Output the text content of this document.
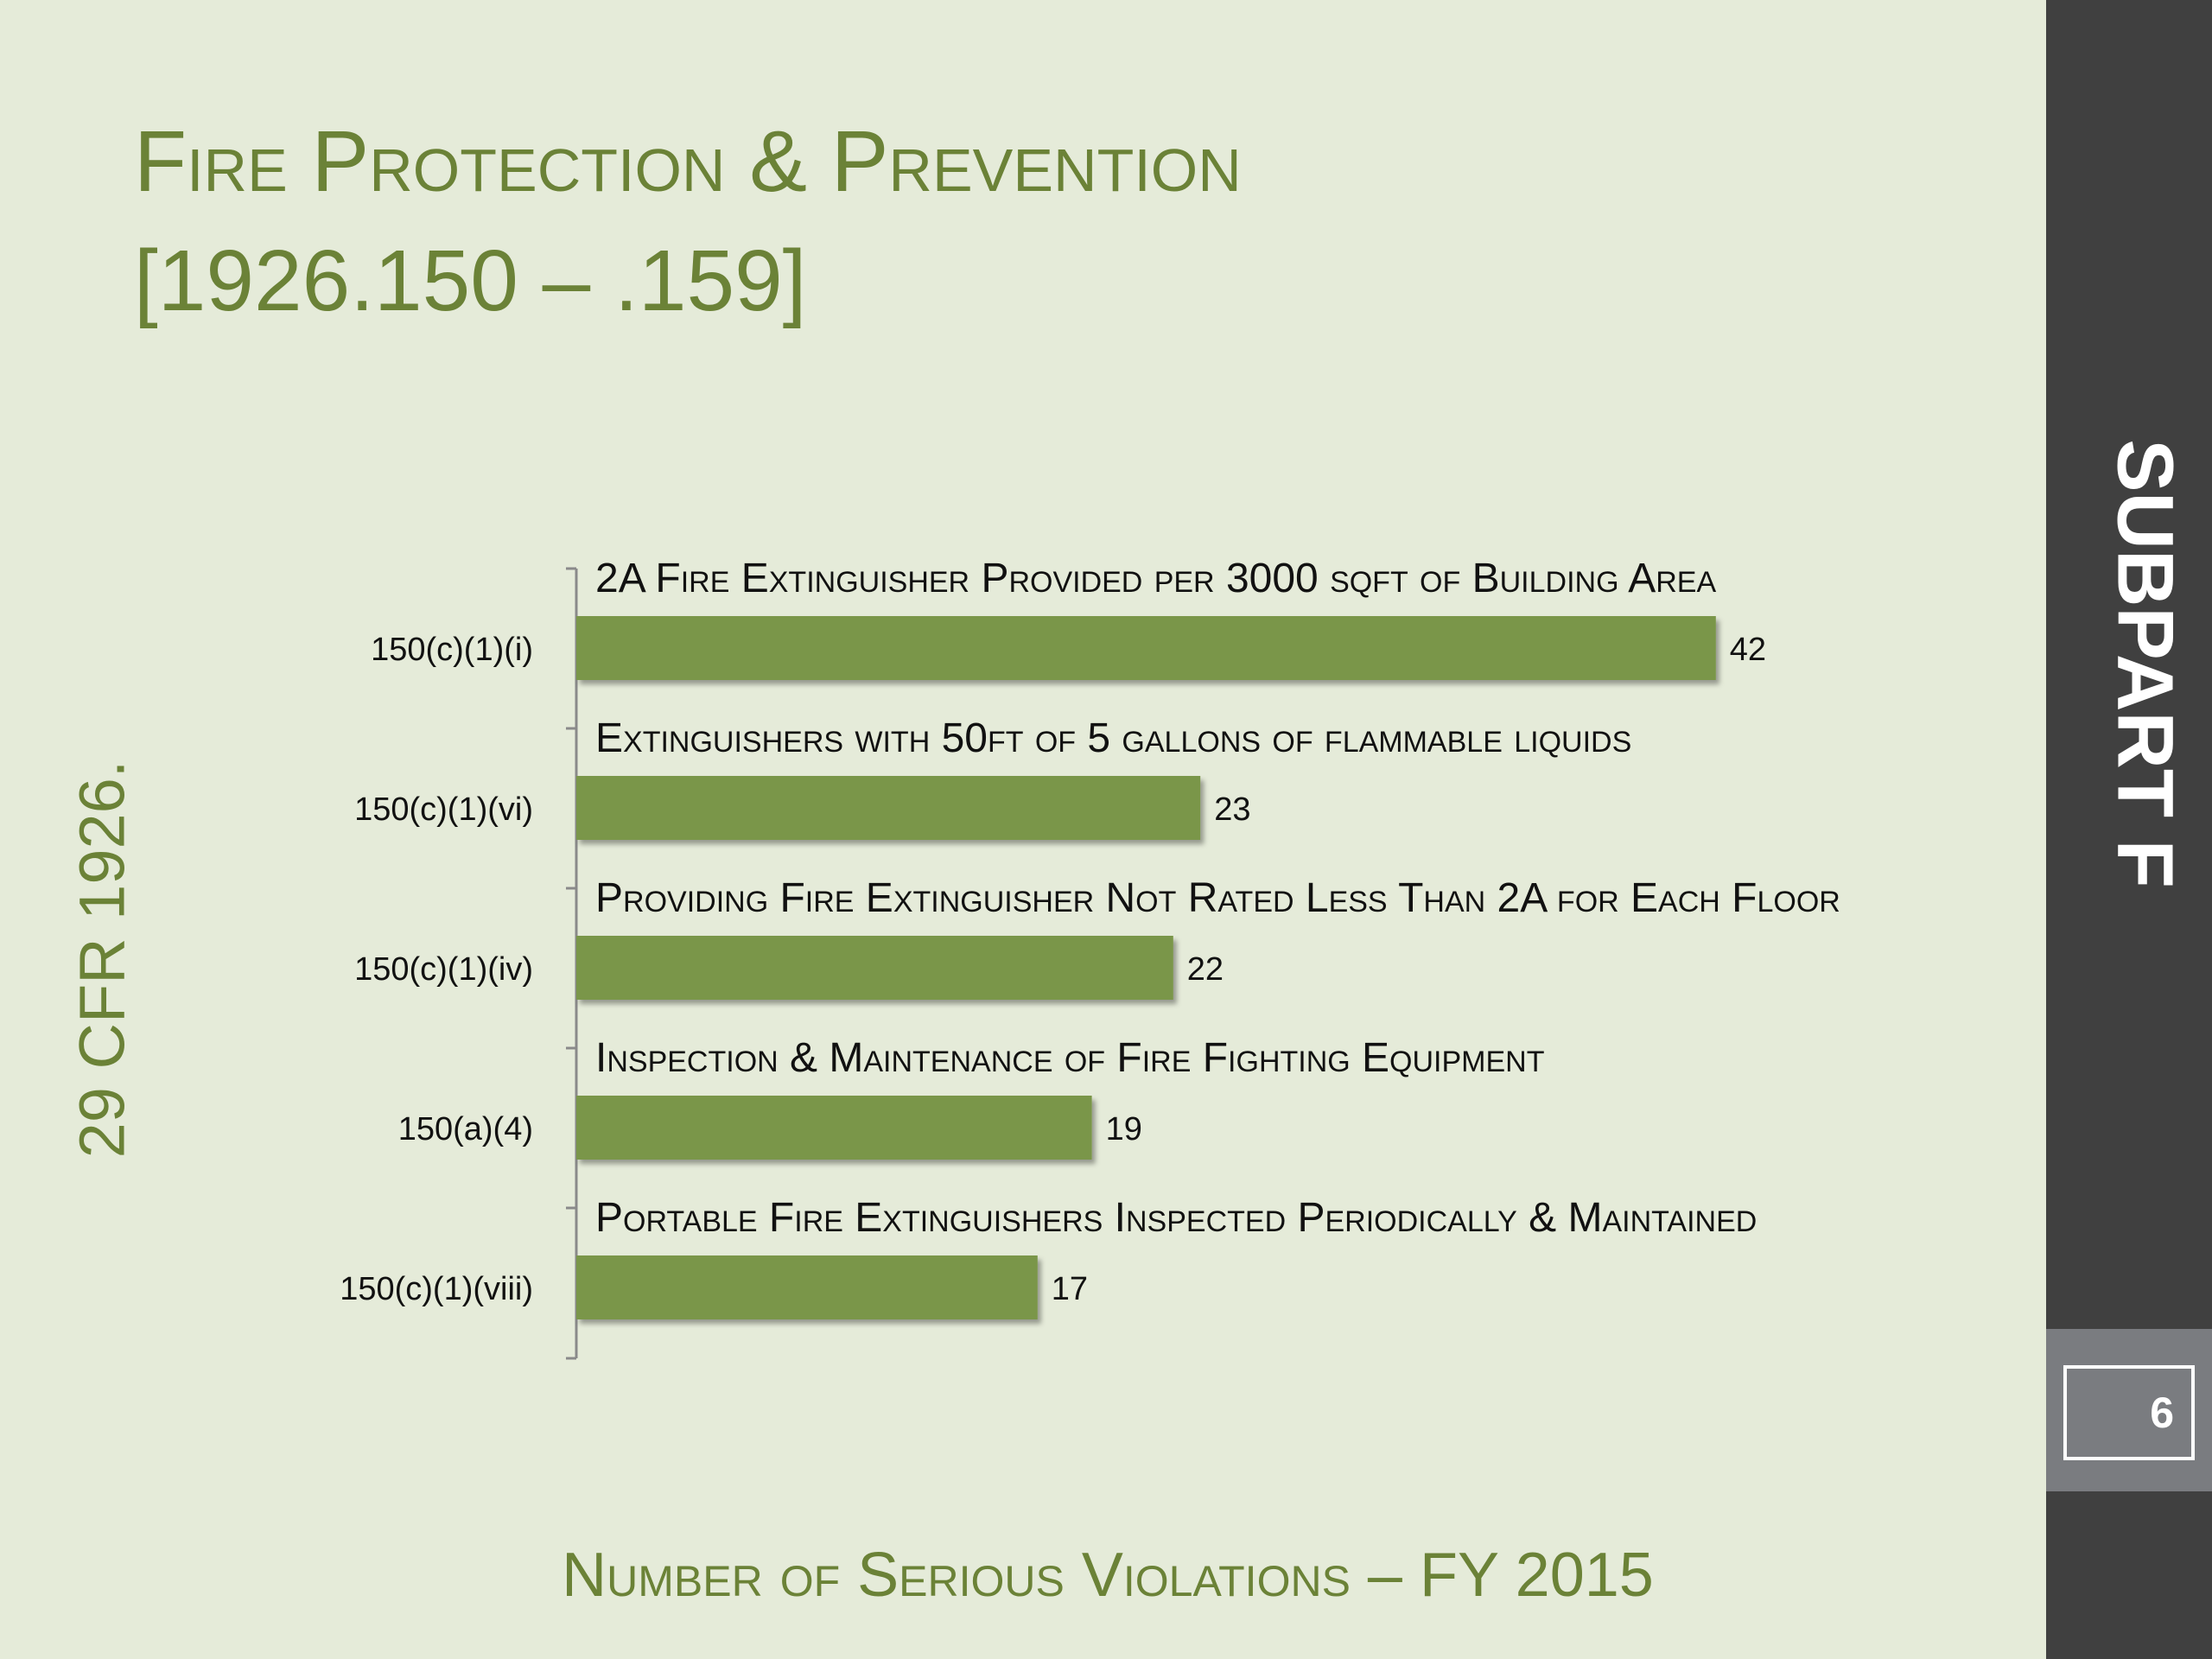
Fire Protection & Prevention
[1926.150 – .159]
29 CFR 1926.
SUBPART F
6
42
150(c)(1)(i)
2A Fire Extinguisher Provided per 3000 sqft of Building Area
23
150(c)(1)(vi)
Extinguishers with 50ft of 5 gallons of flammable liquids
22
150(c)(1)(iv)
Providing Fire Extinguisher Not Rated Less Than 2A for Each Floor
19
150(a)(4)
Inspection & Maintenance of Fire Fighting Equipment
17
150(c)(1)(viii)
Portable Fire Extinguishers Inspected Periodically & Maintained
Number of Serious Violations – FY 2015
